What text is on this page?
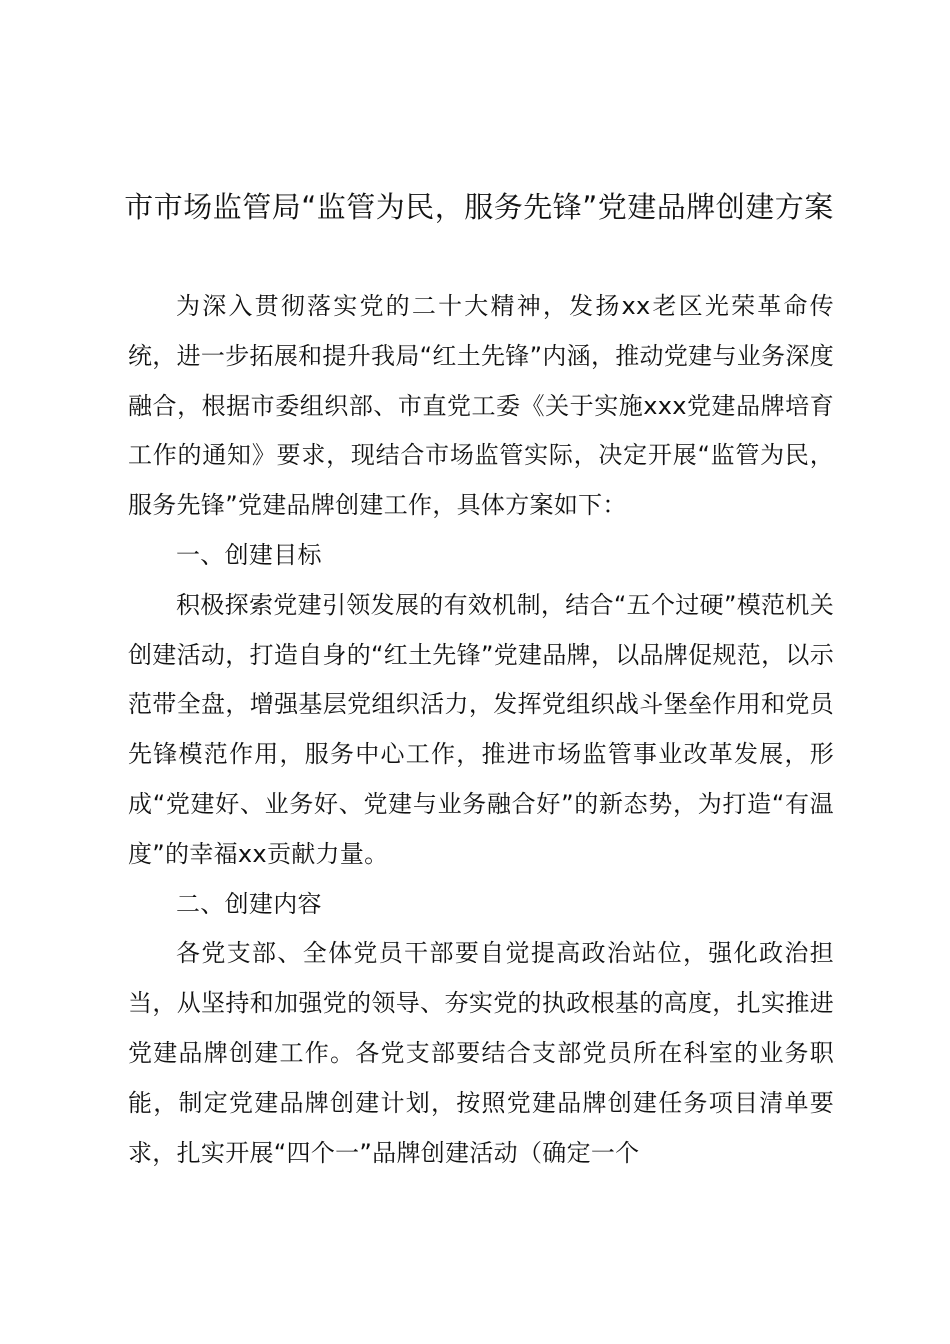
市市场监管局“监管为民，服务先锋”党建品牌创建方案

为深入贯彻落实党的二十大精神，发扬xx老区光荣革命传统，进一步拓展和提升我局“红土先锋”内涵，推动党建与业务深度融合，根据市委组织部、市直党工委《关于实施xxx党建品牌培育工作的通知》要求，现结合市场监管实际，决定开展“监管为民，服务先锋”党建品牌创建工作，具体方案如下：

一、创建目标

积极探索党建引领发展的有效机制，结合“五个过硬”模范机关创建活动，打造自身的“红土先锋”党建品牌，以品牌促规范，以示范带全盘，增强基层党组织活力，发挥党组织战斗堡垒作用和党员先锋模范作用，服务中心工作，推进市场监管事业改革发展，形成“党建好、业务好、党建与业务融合好”的新态势，为打造“有温度”的幸福xx贡献力量。

二、创建内容

各党支部、全体党员干部要自觉提高政治站位，强化政治担当，从坚持和加强党的领导、夯实党的执政根基的高度，扎实推进党建品牌创建工作。各党支部要结合支部党员所在科室的业务职能，制定党建品牌创建计划，按照党建品牌创建任务项目清单要求，扎实开展“四个一”品牌创建活动（确定一个
